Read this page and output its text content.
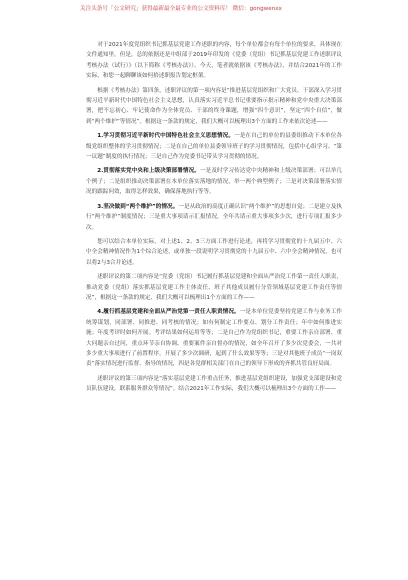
关注头条号「公文研究」获得最新最全最专业的公文资料库！ 微信：gongwenxx

对于2021年度党组织书记抓基层党建工作述职的内容，每个单位都会有每个单位的要求，具体现在文件通知里。但是，总的依据还是中组部于2019年印发的《党委（党组）书记抓基层党建工作述职评议考核办法（试行）》（以下简称《考核办法》）。今天，笔者就依据该《考核办法》，并结合2021年的工作实际，和您一起聊聊该如何拾述职报告划定框架。

根据《考核办法》第四条，述职评议的第一项内容是“推进基层党组织和广大党员、干部深入学习贯彻习近平新时代中国特色社会主义思想，认真落实习近平总书记重要指示批示精神和党中央重大决策部署，把不忘初心、牢记使命作为全体党员、干部的终身课题，增强“四个意识”，坚定“四个自信”，做到“两个维护”等情况”。根据这一条款的规定，我们大概可以梳理出3个方面的工作来依次论述——

1.学习贯彻习近平新时代中国特色社会主义思想情况。一是在自己的单位的县委组推动下本单位各级党组织整体的学习贯彻情况；二是在自己的单位县委领导班子的学习贯彻情况，包括中心组学习、“第一议题”制度的执行情况；三是自己作为党委书记带头学习贯彻的情况。

2.贯彻落实党中央和上级决策部署情况。一是及时学习传达党中央精神和上级决策部署；可以举几个例子；二是组织推动决策部署在本单位落实落地的情况，举一两个典型例子；三是对决策部署落实情况的跟踪问效，取得怎样效果，确保落地执行等等。

3.坚决做到“两个维护”的情况。一是从政治的高度正确认识“两个维护”的思想自觉；二是建立及执行“两个维护”制度情况；三是重大事项请示汇报情况，全年共请示重大事项多少次，进行专项汇报多少次。

您可以结合本单位实际，对上述1、2、3三方面工作进行论述，再将学习贯彻党的十九届五中、六中全会精神情况作为1个综合论述，或单独一段说明学习贯彻党的十九届五中、六中全会精神情况，也可以将2与3合并论述。

述职评议的第二项内容是“党委（党组）书记履行抓基层党建和全面从严治党工作第一责任人职责，推动党委（党组）落实抓基层党建工作主体责任、班子其他成员履行分管领域基层党建工作责任等情况”，根据这一条款的规定，我们大概可以梳理出1个方面的工作——

4.履行抓基层党建和全面从严治党第一责任人职责情况。一是本单位党委坚持党建工作与业务工作统筹谋划，同部署、同推进、同考核的情况；如有何制定工作要点、划分工作责任；年中如何推进实施；年度考评时如何开展。考评结果如何运用等等；二是自己作为党组织书记，重要工作亲自部署、重大问题亲自过问，重点环节亲自协调、重要案件亲自督办的情况，如全年召开了多少次党委会，一共对多少重大事项进行了前置程序，开展了多少次调研，起到了什么效果等等；三是对其他班子成员“一岗双责”落实情况进行监督、指导的情况，四是各党群相关部门在自己的领导下形成的齐抓共管良好局面。

述职评议的第三项内容是“落实基层党建工作重点任务，推进基层党组织建设，加强党支部建设和党员队伍建设，联系服务群众等情况”。结合2021年工作实际，我们大概可以梳理出3个方面的工作——
